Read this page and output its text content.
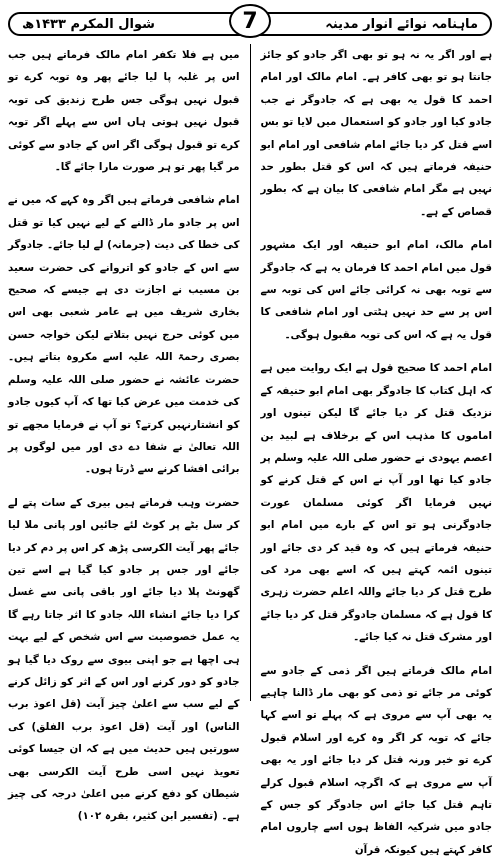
ماہنامہ نوائے انوار مدینہ
شوال المکرم ۱۴۳۳ھ	7

ہے اور اگر یہ نہ ہو تو بھی اگر جادو کو جائز جانتا ہو تو بھی کافر ہے۔ امام مالک اور امام احمد کا قول یہ بھی ہے کہ جادوگر نے جب جادو کیا اور جادو کو استعمال میں لایا تو بس اسے قتل کر دیا جائے امام شافعی اور امام ابو حنیفہ فرماتے ہیں کہ اس کو قتل بطور حد نہیں ہے مگر امام شافعی کا بیان ہے کہ بطور قصاص کے ہے۔

امام مالک، امام ابو حنیفہ اور ایک مشہور قول میں امام احمد کا فرمان یہ ہے کہ جادوگر سے توبہ بھی نہ کرائی جائے اس کی توبہ سے اس پر سے حد نہیں ہٹتی اور امام شافعی کا قول یہ ہے کہ اس کی توبہ مقبول ہوگی۔

امام احمد کا صحیح قول ہے ایک روایت میں ہے کہ اہل کتاب کا جادوگر بھی امام ابو حنیفہ کے نزدیک قتل کر دیا جائے گا لیکن تینوں اور اماموں کا مذہب اس کے برخلاف ہے لبید بن اعصم یہودی نے حضور صلی اللہ علیہ وسلم پر جادو کیا تھا اور آپ نے اس کے قتل کرنے کو نہیں فرمایا اگر کوئی مسلمان عورت جادوگرنی ہو تو اس کے بارے میں امام ابو حنیفہ فرماتے ہیں کہ وہ قید کر دی جائے اور تینوں ائمہ کہتے ہیں کہ اسے بھی مرد کی طرح قتل کر دیا جائے واللہ اعلم حضرت زہری کا قول ہے کہ مسلمان جادوگر قتل کر دیا جائے اور مشرک قتل نہ کیا جائے۔

امام مالک فرماتے ہیں اگر ذمی کے جادو سے کوئی مر جائے تو ذمی کو بھی مار ڈالنا چاہیے یہ بھی آپ سے مروی ہے کہ پہلے تو اسے کہا جائے کہ توبہ کر اگر وہ کرے اور اسلام قبول کرے تو خیر ورنہ قتل کر دیا جائے اور یہ بھی آپ سے مروی ہے کہ اگرچہ اسلام قبول کرلے تاہم قتل کیا جائے اس جادوگر کو جس کے جادو میں شرکیہ الفاظ ہوں اسے چاروں امام کافر کہتے ہیں کیونکہ قرآن

میں ہے فلا تکفر امام مالک فرماتے ہیں جب اس پر غلبہ پا لیا جائے پھر وہ توبہ کرے تو قبول نہیں ہوگی جس طرح زندیق کی توبہ قبول نہیں ہوتی ہاں اس سے پہلے اگر توبہ کرے تو قبول ہوگی اگر اس کے جادو سے کوئی مر گیا پھر تو ہر صورت مارا جائے گا۔

امام شافعی فرماتے ہیں اگر وہ کہے کہ میں نے اس پر جادو مار ڈالنے کے لیے نہیں کیا تو قتل کی خطا کی دیت (جرمانہ) لے لیا جائے۔ جادوگر سے اس کے جادو کو اتروانے کی حضرت سعید بن مسیب نے اجازت دی ہے جیسے کہ صحیح بخاری شریف میں ہے عامر شعبی بھی اس میں کوئی حرج نہیں بتلاتے لیکن خواجہ حسن بصری رحمۃ اللہ علیہ اسے مکروہ بتاتے ہیں۔ حضرت عائشہ نے حضور صلی اللہ علیہ وسلم کی خدمت میں عرض کیا تھا کہ آپ کیوں جادو کو انشتارنہیں کرتے؟ تو آپ نے فرمایا مجھے تو اللہ تعالیٰ نے شفا دے دی اور میں لوگوں پر برائی افشا کرنے سے ڈرتا ہوں۔

حضرت وہب فرماتے ہیں بیری کے سات پتے لے کر سل بٹے پر کوٹ لئے جائیں اور پانی ملا لیا جائے پھر آیت الکرسی پڑھ کر اس پر دم کر دیا جائے اور جس پر جادو کیا گیا ہے اسے تین گھونٹ پلا دیا جائے اور باقی پانی سے غسل کرا دیا جائے انشاء اللہ جادو کا اثر جاتا رہے گا یہ عمل خصوصیت سے اس شخص کے لیے بہت ہی اچھا ہے جو اپنی بیوی سے روک دیا گیا ہو جادو کو دور کرنے اور اس کے اثر کو زائل کرنے کے لیے سب سے اعلیٰ چیز آیت (قل اعوذ برب الناس) اور آیت (قل اعوذ برب الفلق) کی سورتیں ہیں حدیث میں ہے کہ ان جیسا کوئی تعویذ نہیں اسی طرح آیت الکرسی بھی شیطان کو دفع کرنے میں اعلیٰ درجہ کی چیز ہے۔ (تفسیر ابن کثیر، بقرہ ۱۰۲)
